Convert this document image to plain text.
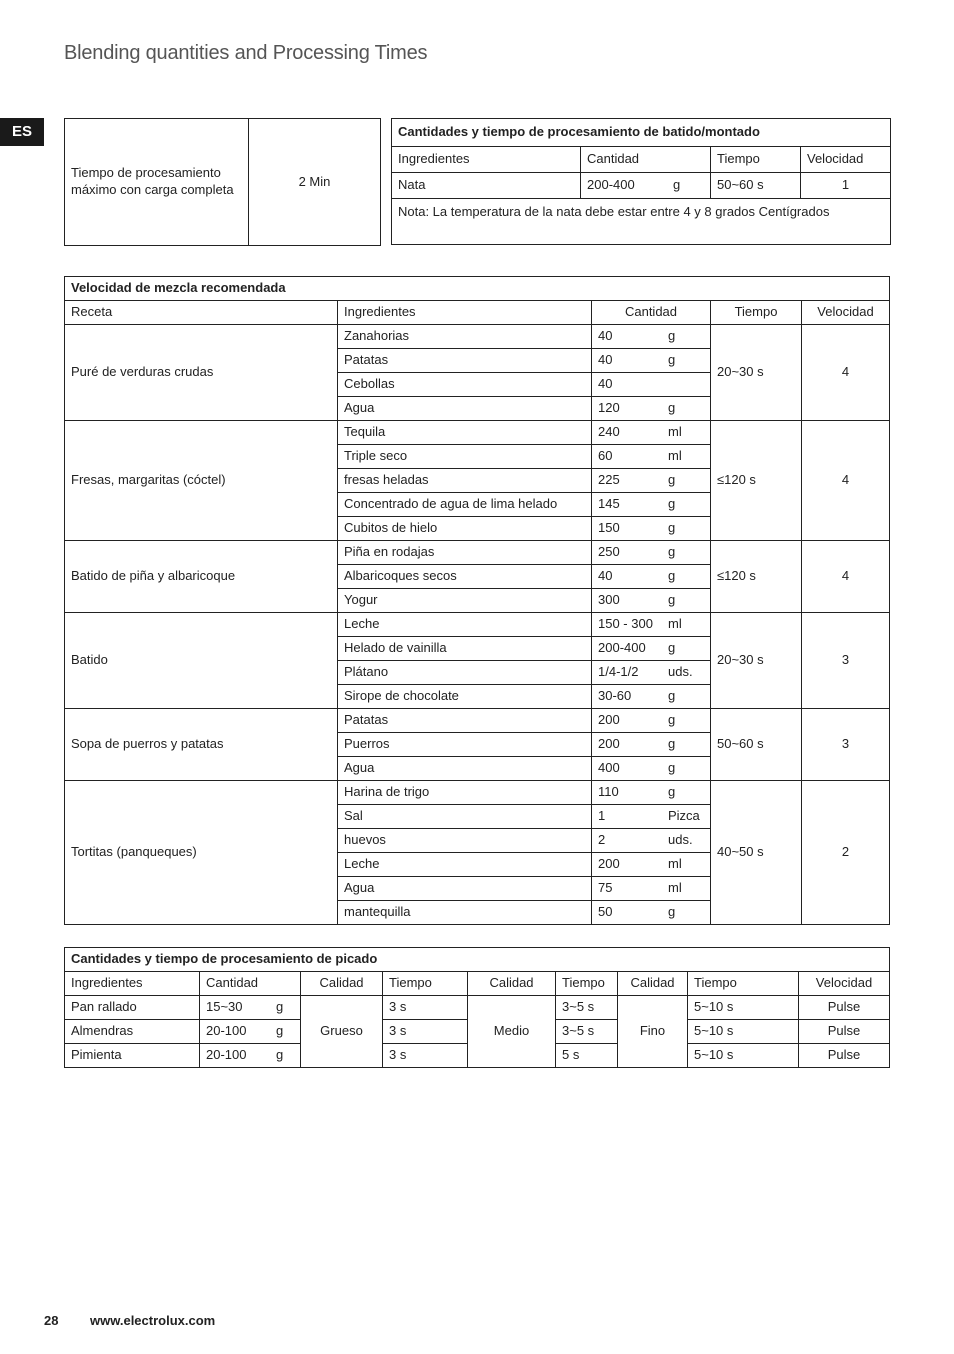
Blending quantities and Processing Times
ES
Tiempo de procesamiento máximo con carga completa	2 Min
Cantidades y tiempo de procesamiento de batido/montado			
Ingredientes	Cantidad	Tiempo	Velocidad
Nata	200-400 g	50~60 s	1
Nota: La temperatura de la nata debe estar entre 4 y 8 grados Centígrados			
Velocidad de mezcla recomendada				
Receta	Ingredientes	Cantidad	Tiempo	Velocidad
Puré de verduras crudas	Zanahorias	40 g	20~30 s	4
	Patatas	40 g		
	Cebollas	40		
	Agua	120 g		
Fresas, margaritas (cóctel)	Tequila	240 ml	≤120 s	4
	Triple seco	60 ml		
	fresas heladas	225 g		
	Concentrado de agua de lima helado	145 g		
	Cubitos de hielo	150 g		
Batido de piña y albaricoque	Piña en rodajas	250 g	≤120 s	4
	Albaricoques secos	40 g		
	Yogur	300 g		
Batido	Leche	150 - 300 ml	20~30 s	3
	Helado de vainilla	200-400 g		
	Plátano	1/4-1/2 uds.		
	Sirope de chocolate	30-60 g		
Sopa de puerros y patatas	Patatas	200 g	50~60 s	3
	Puerros	200 g		
	Agua	400 g		
Tortitas (panqueques)	Harina de trigo	110 g	40~50 s	2
	Sal	1 Pizca		
	huevos	2 uds.		
	Leche	200 ml		
	Agua	75 ml		
	mantequilla	50 g		
Cantidades y tiempo de procesamiento de picado								
Ingredientes	Cantidad	Calidad	Tiempo	Calidad	Tiempo	Calidad	Tiempo	Velocidad
Pan rallado	15~30 g	Grueso	3 s	Medio	3~5 s	Fino	5~10 s	Pulse
Almendras	20-100 g		3 s		3~5 s		5~10 s	Pulse
Pimienta	20-100 g		3 s		5 s		5~10 s	Pulse
28 www.electrolux.com
